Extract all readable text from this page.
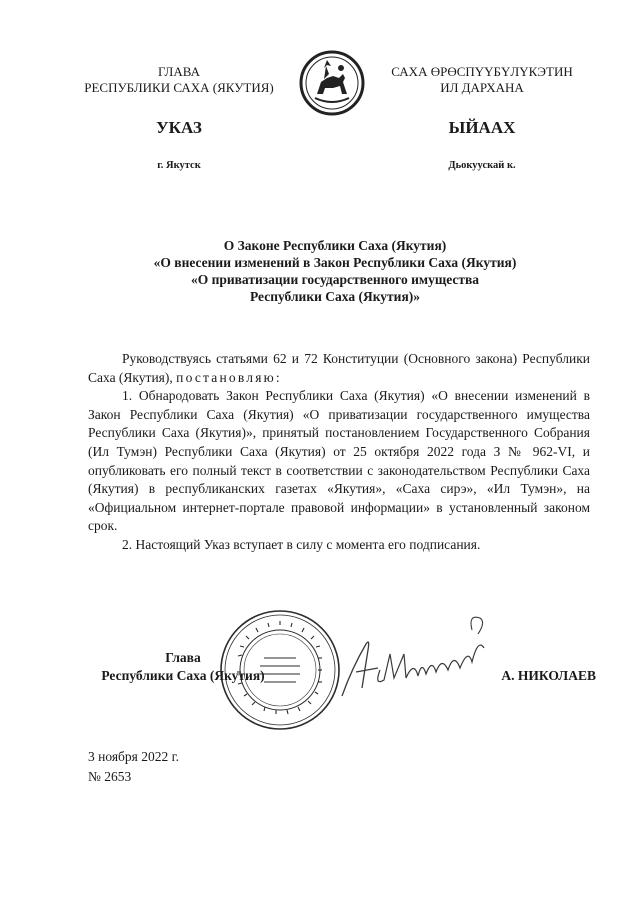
ГЛАВА
РЕСПУБЛИКИ САХА (ЯКУТИЯ)
САХА ӨРӨСПҮҮБҮЛҮКЭТИН
ИЛ ДАРХАНА
УКАЗ	ЫЙААХ
г. Якутск	Дьокуускай к.
О Законе Республики Саха (Якутия)
«О внесении изменений в Закон Республики Саха (Якутия)
«О приватизации государственного имущества
Республики Саха (Якутия)»

Руководствуясь статьями 62 и 72 Конституции (Основного закона) Республики Саха (Якутия), постановляю:

1. Обнародовать Закон Республики Саха (Якутия) «О внесении изменений в Закон Республики Саха (Якутия) «О приватизации государственного имущества Республики Саха (Якутия)», принятый постановлением Государственного Собрания (Ил Тумэн) Республики Саха (Якутия) от 25 октября 2022 года З № 962-VI, и опубликовать его полный текст в соответствии с законодательством Республики Саха (Якутия) в республиканских газетах «Якутия», «Саха сирэ», «Ил Тумэн», на «Официальном интернет-портале правовой информации» в установленный законом срок.

2. Настоящий Указ вступает в силу с момента его подписания.

Глава
Республики Саха (Якутия)	А. НИКОЛАЕВ
3 ноября 2022 г.
№ 2653
